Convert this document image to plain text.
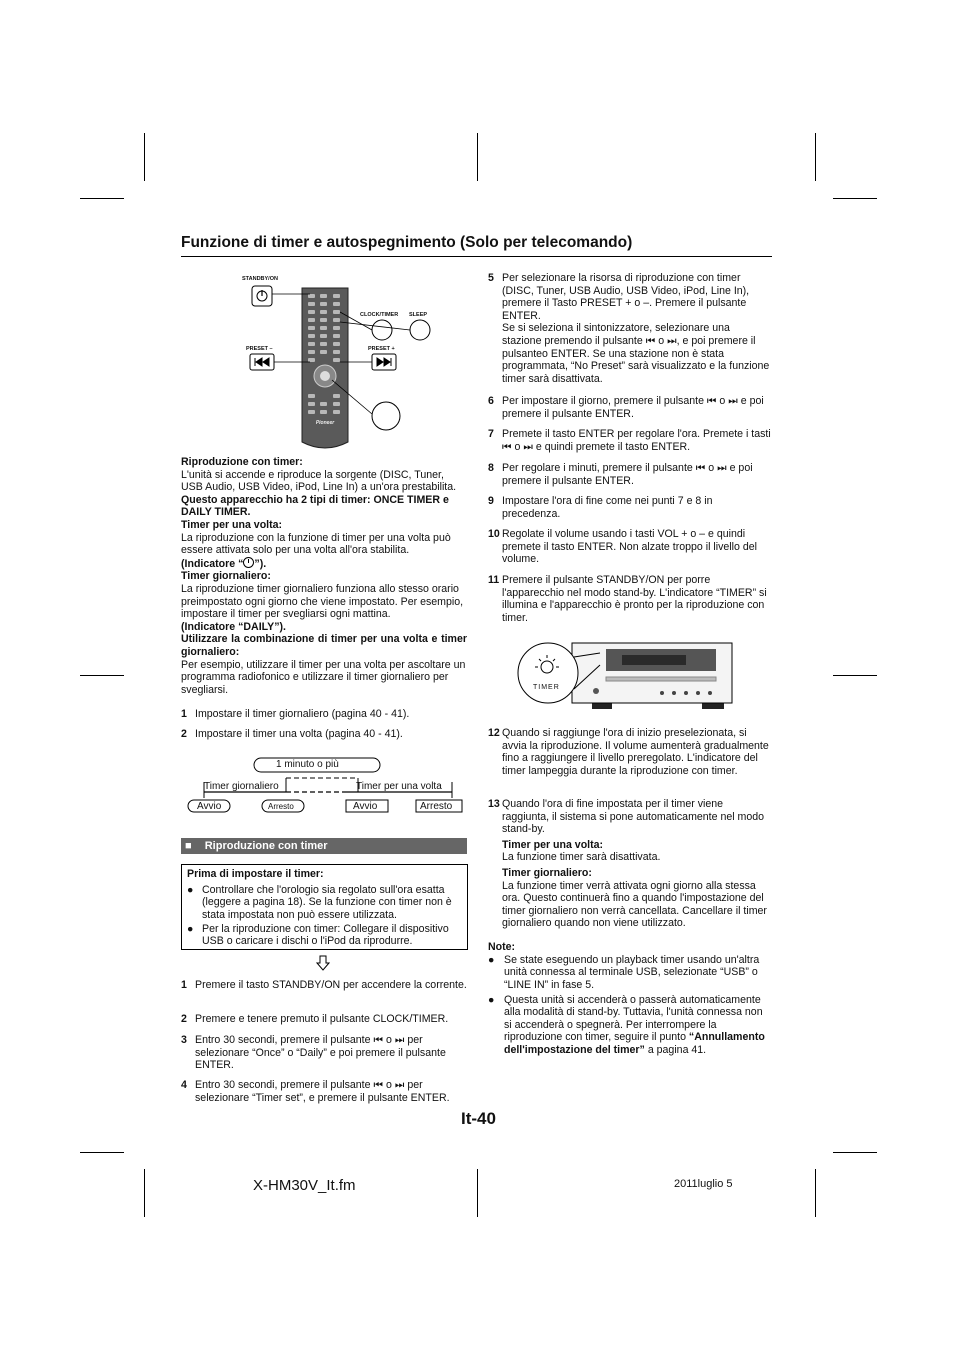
Funzione di timer e autospegnimento (Solo per telecomando)
STANDBY/ON
CLOCK/TIMER SLEEP
PRESET –	PRESET +
Pioneer

Riproduzione con timer:

L'unità si accende e riproduce la sorgente (DISC, Tuner, USB Audio, USB Video, iPod, Line In) a un'ora prestabilita.

Questo apparecchio ha 2 tipi di timer: ONCE TIMER e DAILY TIMER.

Timer per una volta:

La riproduzione con la funzione di timer per una volta può essere attivata solo per una volta all'ora stabilita.

(Indicatore “ ”).

Timer giornaliero:

La riproduzione timer giornaliero funziona allo stesso orario preimpostato ogni giorno che viene impostato. Per esempio, impostare il timer per svegliarsi ogni mattina.

(Indicatore “DAILY”).

Utilizzare la combinazione di timer per una volta e timer giornaliero:

Per esempio, utilizzare il timer per una volta per ascoltare un programma radiofonico e utilizzare il timer giornaliero per svegliarsi.

1 Impostare il timer giornaliero (pagina 40 - 41).
2 Impostare il timer una volta (pagina 40 - 41).
1 minuto o più
Timer giornaliero	Timer per una volta
Avvio	Arresto	Avvio	Arresto
■ Riproduzione con timer
Prima di impostare il timer:
● Controllare che l'orologio sia regolato sull'ora esatta (leggere a pagina 18). Se la funzione con timer non è stata impostata non può essere utilizzata.
● Per la riproduzione con timer: Collegare il dispositivo USB o caricare i dischi o l'iPod da riprodurre.
1 Premere il tasto STANDBY/ON per accendere la corrente.
2 Premere e tenere premuto il pulsante CLOCK/TIMER.
3 Entro 30 secondi, premere il pulsante ⏮ o ⏭ per selezionare “Once” o “Daily” e poi premere il pulsante ENTER.
4 Entro 30 secondi, premere il pulsante ⏮ o ⏭ per selezionare “Timer set”, e premere il pulsante ENTER.
5 Per selezionare la risorsa di riproduzione con timer (DISC, Tuner, USB Audio, USB Video, iPod, Line In), premere il Tasto PRESET + o –. Premere il pulsante ENTER.
Se si seleziona il sintonizzatore, selezionare una stazione premendo il pulsante ⏮ o ⏭, e poi premere il pulsanteo ENTER. Se una stazione non è stata programmata, “No Preset” sarà visualizzato e la funzione timer sarà disattivata.
6 Per impostare il giorno, premere il pulsante ⏮ o ⏭ e poi premere il pulsante ENTER.
7 Premete il tasto ENTER per regolare l'ora. Premete i tasti ⏮ o ⏭ e quindi premete il tasto ENTER.
8 Per regolare i minuti, premere il pulsante ⏮ o ⏭ e poi premere il pulsante ENTER.
9 Impostare l'ora di fine come nei punti 7 e 8 in precedenza.
10 Regolate il volume usando i tasti VOL + o – e quindi premete il tasto ENTER. Non alzate troppo il livello del volume.
11 Premere il pulsante STANDBY/ON per porre l'apparecchio nel modo stand-by. L'indicatore “TIMER” si illumina e l'apparecchio è pronto per la riproduzione con timer.
TIMER
12 Quando si raggiunge l'ora di inizio preselezionata, si avvia la riproduzione. Il volume aumenterà gradualmente fino a raggiungere il livello preregolato. L'indicatore del timer lampeggia durante la riproduzione con timer.
13 Quando l'ora di fine impostata per il timer viene raggiunta, il sistema si pone automaticamente nel modo stand-by.
Timer per una volta:
La funzione timer sarà disattivata.
Timer giornaliero:
La funzione timer verrà attivata ogni giorno alla stessa ora. Questo continuerà fino a quando l'impostazione del timer giornaliero non verrà cancellata. Cancellare il timer giornaliero quando non viene utilizzato.
Note:
● Se state eseguendo un playback timer usando un'altra unità connessa al terminale USB, selezionate “USB” o “LINE IN” in fase 5.
● Questa unità si accenderà o passerà automaticamente alla modalità di stand-by. Tuttavia, l'unità connessa non si accenderà o spegnerà. Per interrompere la riproduzione con timer, seguire il punto “Annullamento dell'impostazione del timer” a pagina 41.
It-40
X-HM30V_It.fm	2011luglio 5
